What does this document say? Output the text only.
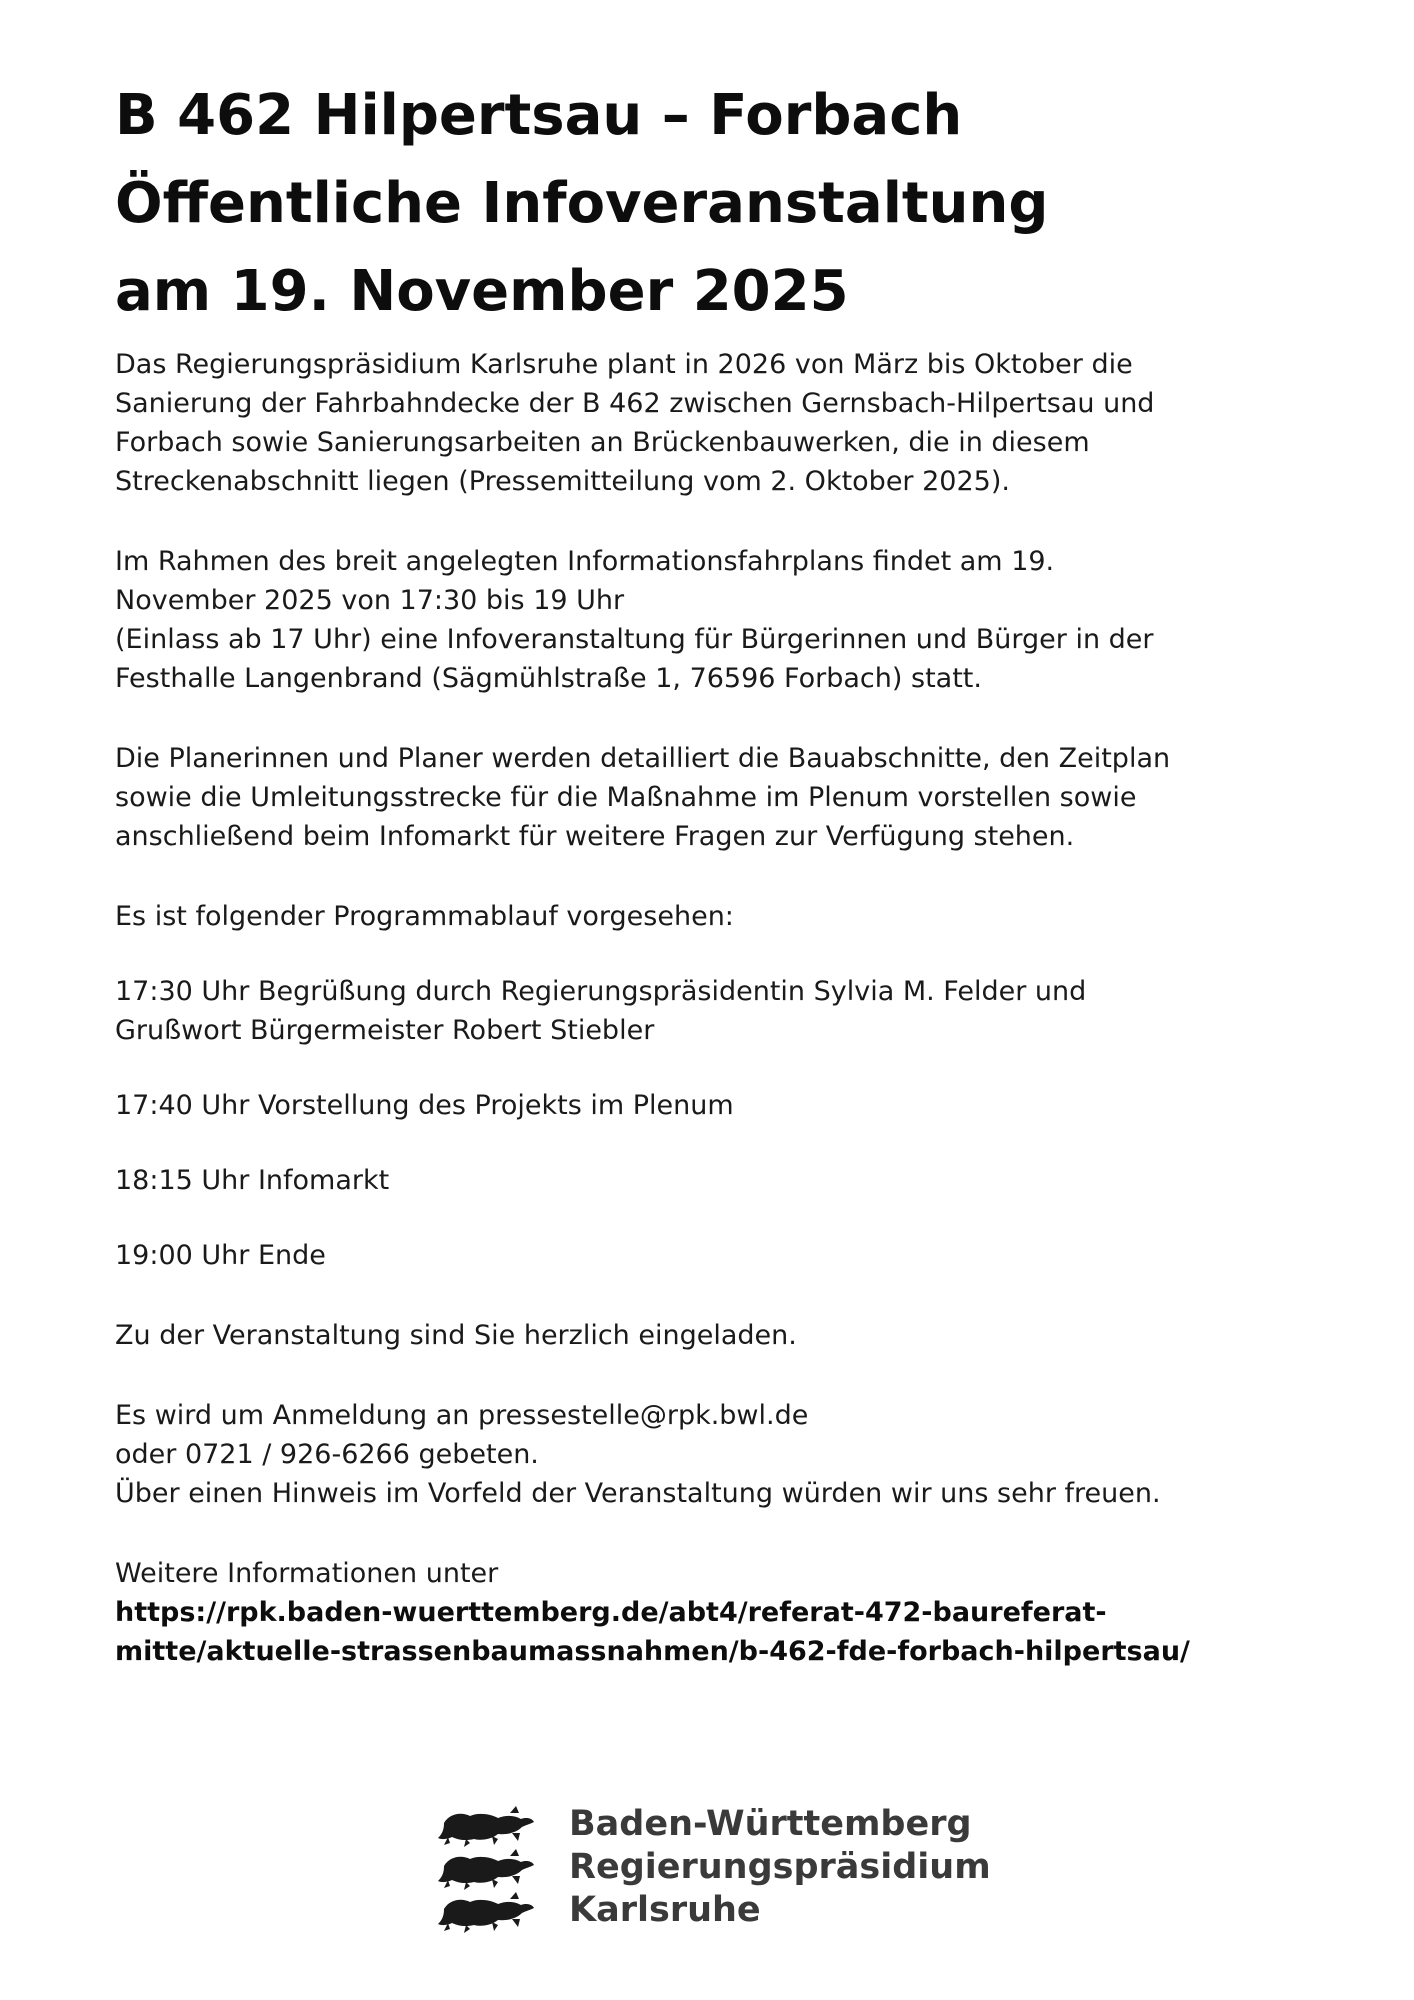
B 462 Hilpertsau – Forbach
Öffentliche Infoveranstaltung
am 19. November 2025
Das Regierungspräsidium Karlsruhe plant in 2026 von März bis Oktober die
Sanierung der Fahrbahndecke der B 462 zwischen Gernsbach-Hilpertsau und
Forbach sowie Sanierungsarbeiten an Brückenbauwerken, die in diesem
Streckenabschnitt liegen (Pressemitteilung vom 2. Oktober 2025).
Im Rahmen des breit angelegten Informationsfahrplans findet am 19.
November 2025 von 17:30 bis 19 Uhr
(Einlass ab 17 Uhr) eine Infoveranstaltung für Bürgerinnen und Bürger in der
Festhalle Langenbrand (Sägmühlstraße 1, 76596 Forbach) statt.
Die Planerinnen und Planer werden detailliert die Bauabschnitte, den Zeitplan
sowie die Umleitungsstrecke für die Maßnahme im Plenum vorstellen sowie
anschließend beim Infomarkt für weitere Fragen zur Verfügung stehen.
Es ist folgender Programmablauf vorgesehen:
17:30 Uhr Begrüßung durch Regierungspräsidentin Sylvia M. Felder und
Grußwort Bürgermeister Robert Stiebler
17:40 Uhr Vorstellung des Projekts im Plenum
18:15 Uhr Infomarkt
19:00 Uhr Ende
Zu der Veranstaltung sind Sie herzlich eingeladen.
Es wird um Anmeldung an pressestelle@rpk.bwl.de
oder 0721 / 926-6266 gebeten.
Über einen Hinweis im Vorfeld der Veranstaltung würden wir uns sehr freuen.
Weitere Informationen unter
https://rpk.baden-wuerttemberg.de/abt4/referat-472-baureferat-
mitte/aktuelle-strassenbaumassnahmen/b-462-fde-forbach-hilpertsau/
Baden-Württemberg
Regierungspräsidium
Karlsruhe
